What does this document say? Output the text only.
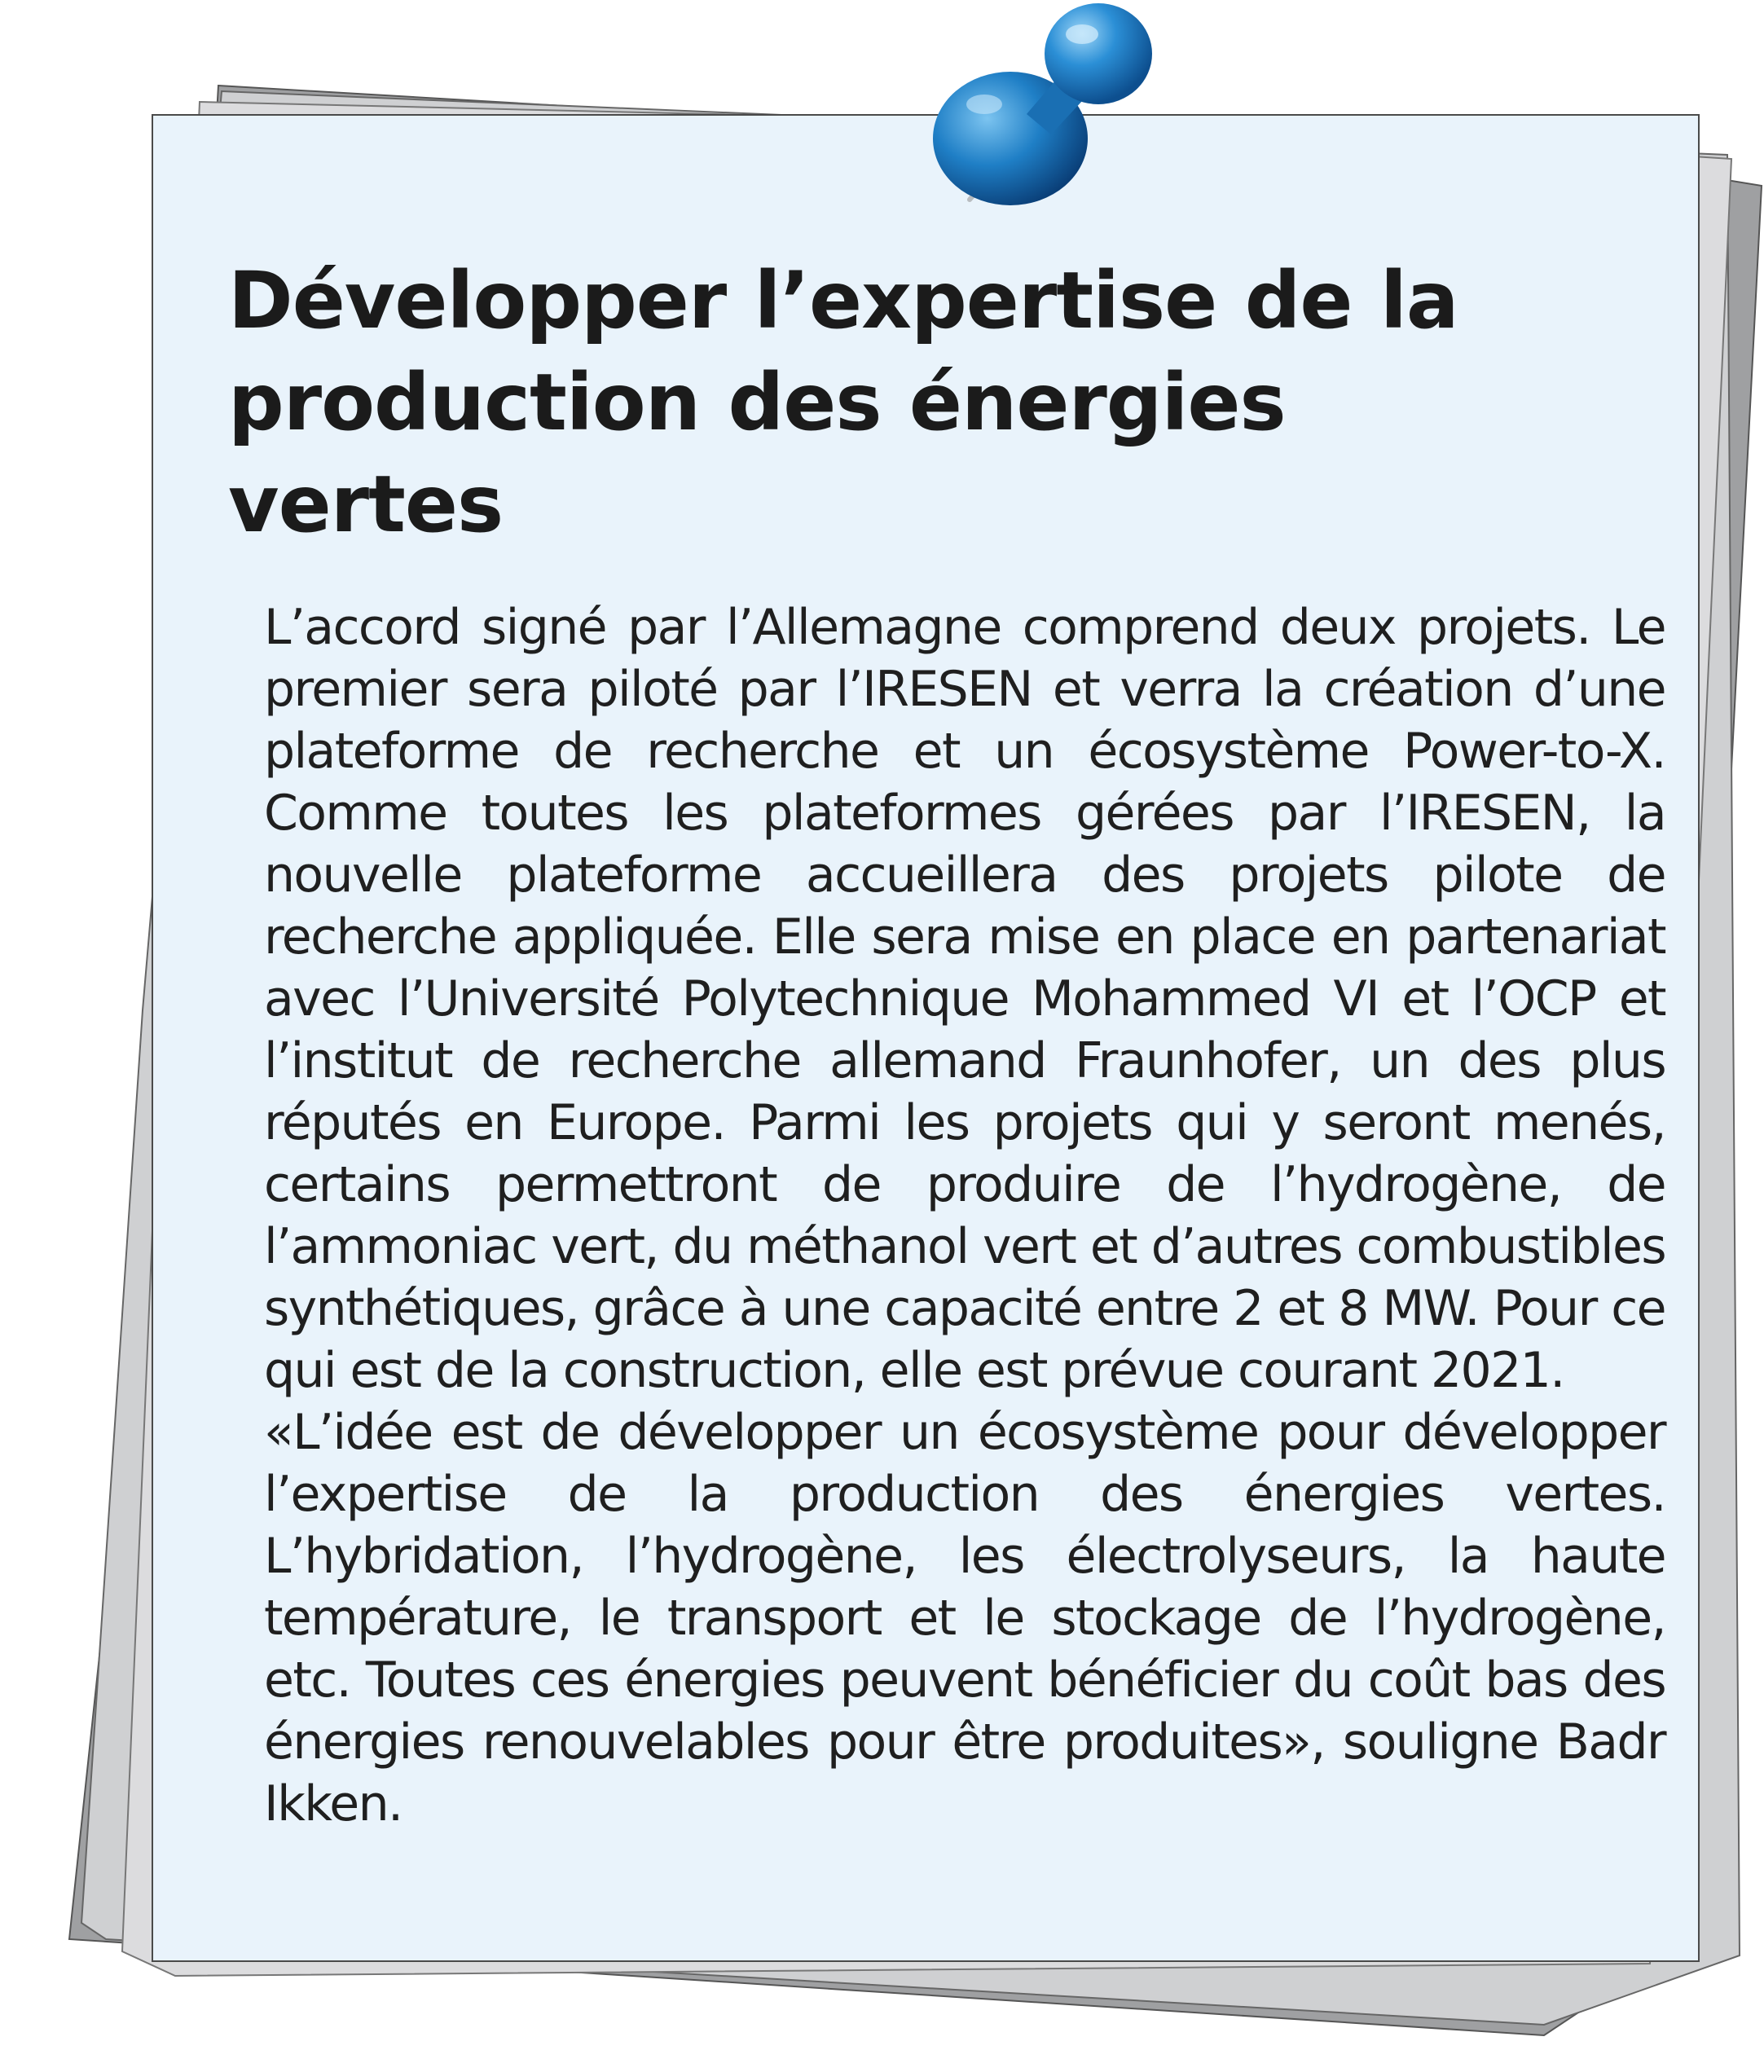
Développer l’expertise de la production des énergies vertes

L’accord signé par l’Allemagne comprend deux projets. Le premier sera piloté par l’IRESEN et verra la création d’une plateforme de recherche et un écosystème Power-to-X. Comme toutes les plateformes gérées par l’IRESEN, la nouvelle plateforme accueillera des projets pilote de recherche appliquée. Elle sera mise en place en partenariat avec l’Université Polytechnique Mohammed VI et l’OCP et l’institut de recherche allemand Fraunhofer, un des plus réputés en Europe. Parmi les projets qui y seront menés, certains permettront de produire de l’hydrogène, de l’ammoniac vert, du méthanol vert et d’autres combustibles synthétiques, grâce à une capacité entre 2 et 8 MW. Pour ce qui est de la construction, elle est prévue courant 2021.

«L’idée est de développer un écosystème pour développer l’expertise de la production des énergies vertes. L’hybridation, l’hydrogène, les électrolyseurs, la haute température, le transport et le stockage de l’hydrogène, etc. Toutes ces énergies peuvent bénéficier du coût bas des énergies renouvelables pour être produites», souligne Badr Ikken.
